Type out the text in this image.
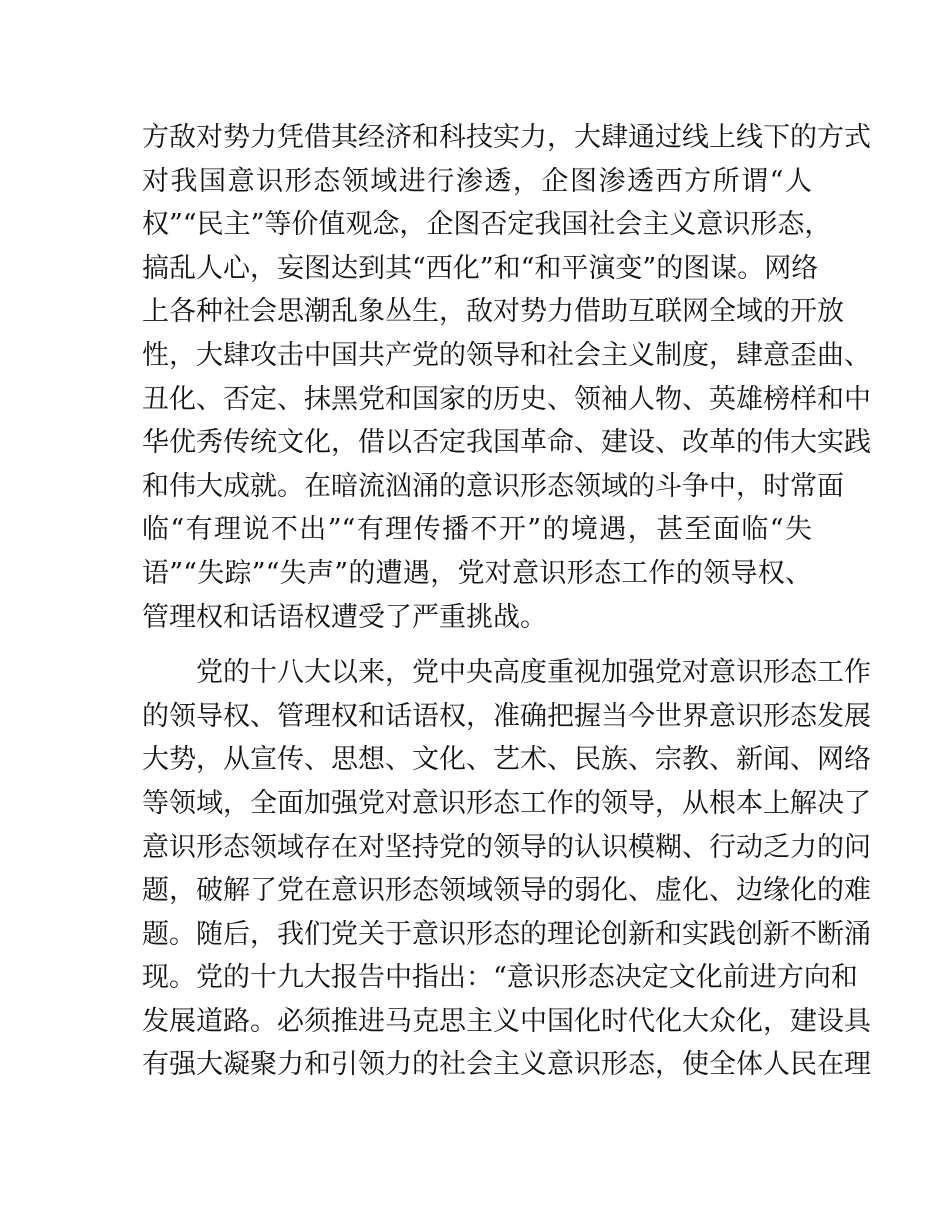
方敌对势力凭借其经济和科技实力，大肆通过线上线下的方式
对我国意识形态领域进行渗透，企图渗透西方所谓“人
权”“民主”等价值观念，企图否定我国社会主义意识形态，
搞乱人心，妄图达到其“西化”和“和平演变”的图谋。网络
上各种社会思潮乱象丛生，敌对势力借助互联网全域的开放
性，大肆攻击中国共产党的领导和社会主义制度，肆意歪曲、
丑化、否定、抹黑党和国家的历史、领袖人物、英雄榜样和中
华优秀传统文化，借以否定我国革命、建设、改革的伟大实践
和伟大成就。在暗流汹涌的意识形态领域的斗争中，时常面
临“有理说不出”“有理传播不开”的境遇，甚至面临“失
语”“失踪”“失声”的遭遇，党对意识形态工作的领导权、
管理权和话语权遭受了严重挑战。
党的十八大以来，党中央高度重视加强党对意识形态工作
的领导权、管理权和话语权，准确把握当今世界意识形态发展
大势，从宣传、思想、文化、艺术、民族、宗教、新闻、网络
等领域，全面加强党对意识形态工作的领导，从根本上解决了
意识形态领域存在对坚持党的领导的认识模糊、行动乏力的问
题，破解了党在意识形态领域领导的弱化、虚化、边缘化的难
题。随后，我们党关于意识形态的理论创新和实践创新不断涌
现。党的十九大报告中指出：“意识形态决定文化前进方向和
发展道路。必须推进马克思主义中国化时代化大众化，建设具
有强大凝聚力和引领力的社会主义意识形态，使全体人民在理
